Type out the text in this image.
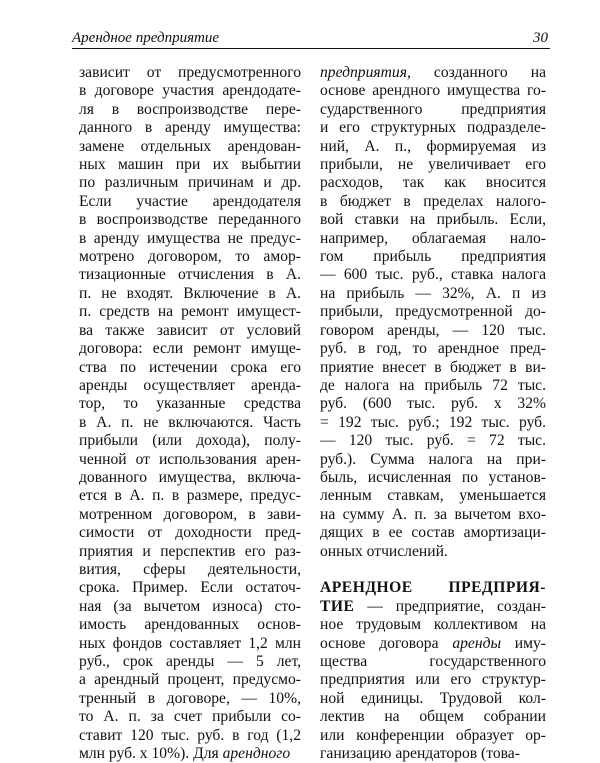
Арендное предприятие	30
зависит от предусмотренного
в договоре участия арендодате-
ля в воспроизводстве пере-
данного в аренду имущества:
замене отдельных арендован-
ных машин при их выбытии
по различным причинам и др.
Если участие арендодателя
в воспроизводстве переданного
в аренду имущества не предус-
мотрено договором, то амор-
тизационные отчисления в А.
п. не входят. Включение в А.
п. средств на ремонт имущест-
ва также зависит от условий
договора: если ремонт имуще-
ства по истечении срока его
аренды осуществляет арендa-
тор, то указанные средства
в А. п. не включаются. Часть
прибыли (или дохода), полу-
ченной от использования арен-
дованного имущества, включа-
ется в А. п. в размере, предус-
мотренном договором, в зави-
симости от доходности пред-
приятия и перспектив его раз-
вития, сферы деятельности,
срока. Пример. Если остаточ-
ная (за вычетом износа) сто-
имость арендованных основ-
ных фондов составляет 1,2 млн
руб., срок аренды — 5 лет,
а арендный процент, предусмо-
тренный в договоре, — 10%,
то А. п. за счет прибыли со-
ставит 120 тыс. руб. в год (1,2
млн руб. х 10%). Для арендного
предприятия, созданного на
основе арендного имущества го-
сударственного предприятия
и его структурных подразделе-
ний, А. п., формируемая из
прибыли, не увеличивает его
расходов, так как вносится
в бюджет в пределах налого-
вой ставки на прибыль. Если,
например, облагаемая нало-
гом прибыль предприятия
— 600 тыс. руб., ставка налога
на прибыль — 32%, А. п из
прибыли, предусмотренной до-
говором аренды, — 120 тыс.
руб. в год, то арендное пред-
приятие внесет в бюджет в ви-
де налога на прибыль 72 тыс.
руб. (600 тыс. руб. х 32%
= 192 тыс. руб.; 192 тыс. руб.
— 120 тыс. руб. = 72 тыс.
руб.). Сумма налога на при-
быль, исчисленная по установ-
ленным ставкам, уменьшается
на сумму А. п. за вычетом вхо-
дящих в ее состав амортизаци-
онных отчислений.
АРЕНДНОЕ ПРЕДПРИЯ-
ТИЕ — предприятие, создан-
ное трудовым коллективом на
основе договора аренды иму-
щества государственного
предприятия или его структур-
ной единицы. Трудовой кол-
лектив на общем собрании
или конференции образует ор-
ганизацию арендаторов (това-
